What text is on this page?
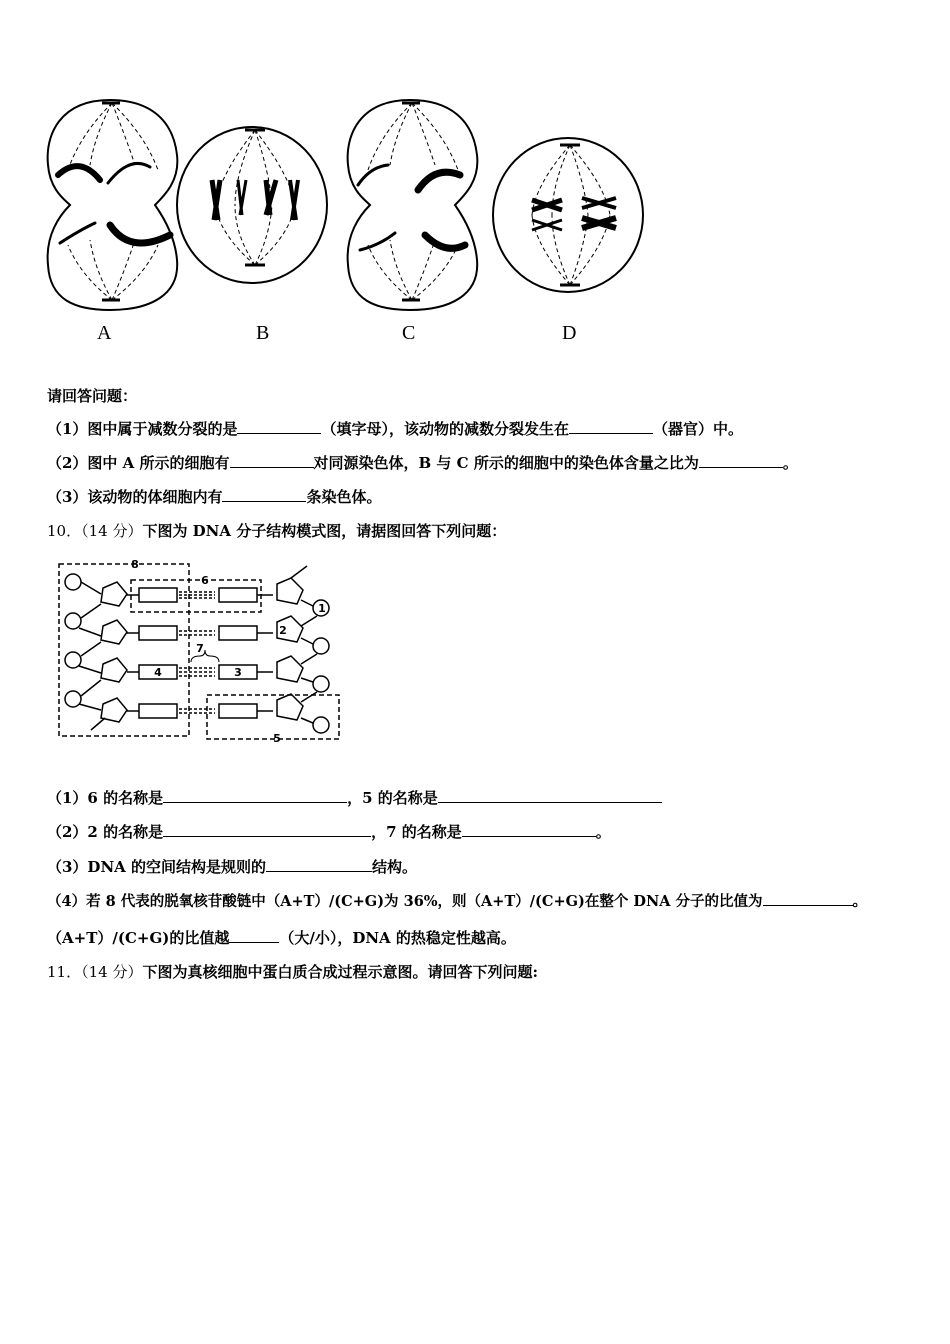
A	B	C	D
请回答问题：
（1）图中属于减数分裂的是	（填字母），该动物的减数分裂发生在	（器官）中。
（2）图中 A 所示的细胞有	对同源染色体，B 与 C 所示的细胞中的染色体含量之比为	。
（3）该动物的体细胞内有	条染色体。
10．（14 分）下图为 DNA 分子结构模式图，请据图回答下列问题：
8
6
1
2
7
4	3
5
（1）6 的名称是	，5 的名称是
（2）2 的名称是	，7 的名称是	。
（3）DNA 的空间结构是规则的	结构。
（4）若 8 代表的脱氧核苷酸链中（A+T）/(C+G)为 36%，则（A+T）/(C+G)在整个 DNA 分子的比值为	。
（A+T）/(C+G)的比值越	（大/小），DNA 的热稳定性越高。
11．（14 分）下图为真核细胞中蛋白质合成过程示意图。请回答下列问题:
